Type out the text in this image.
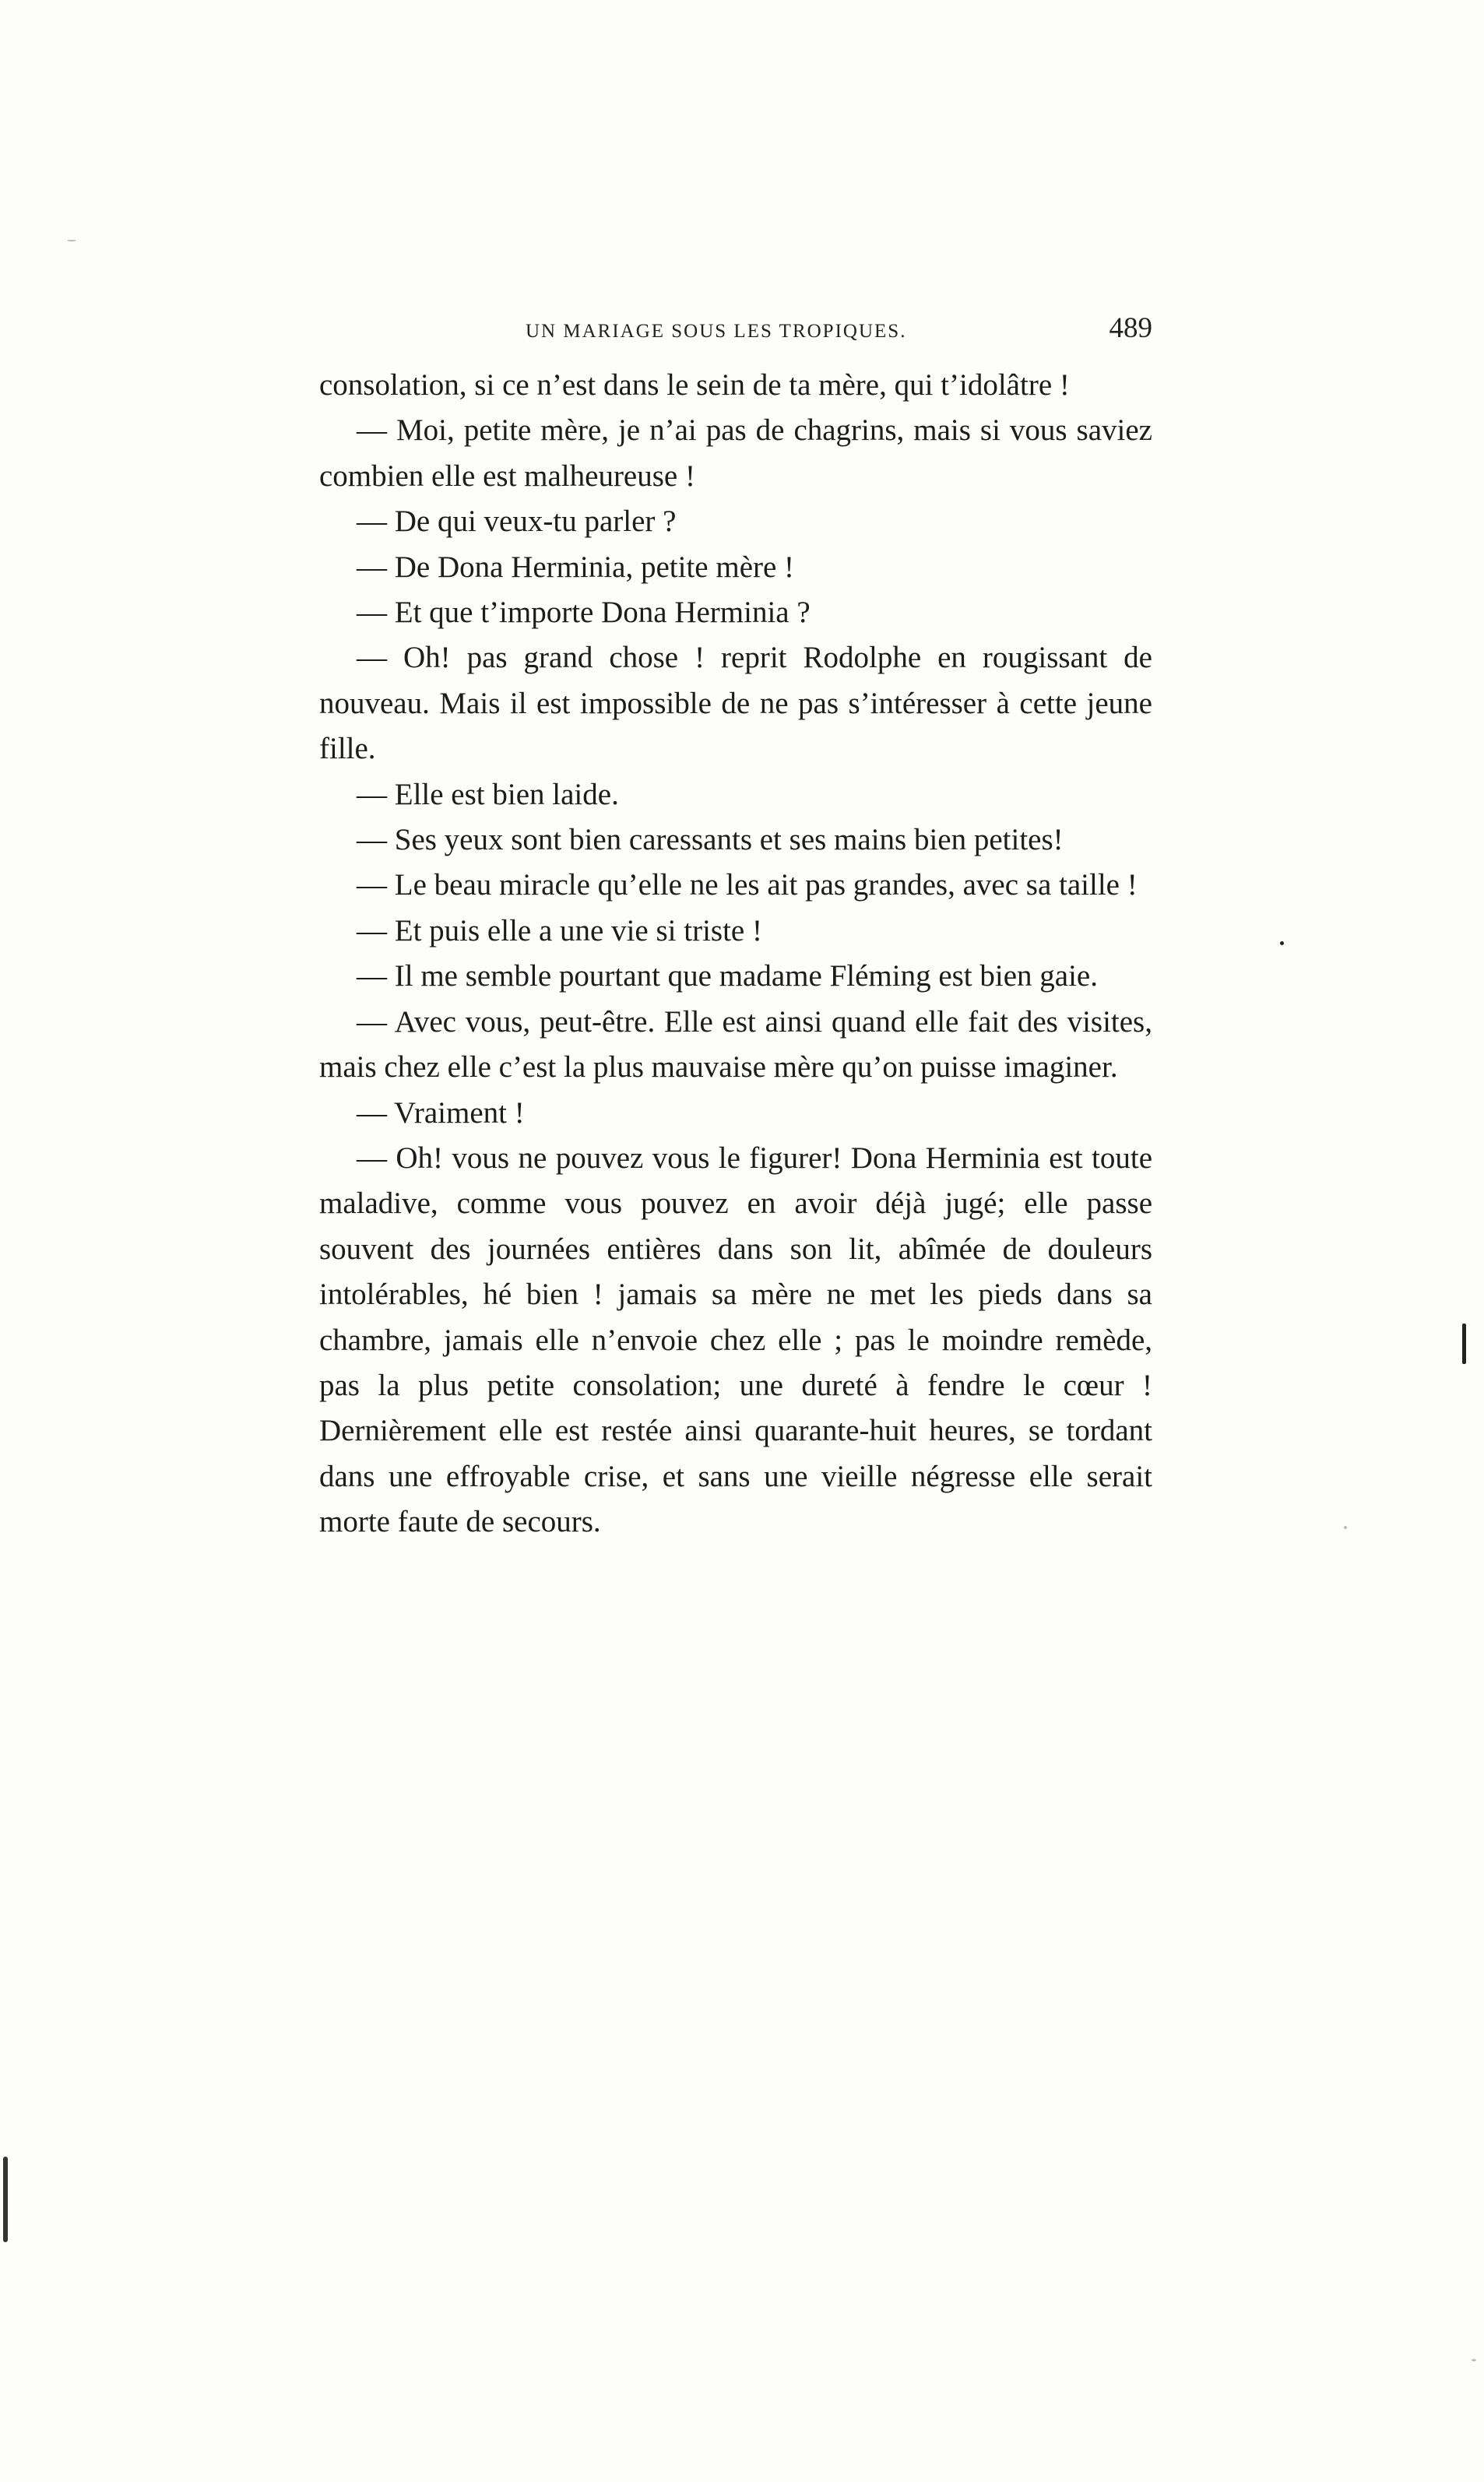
UN MARIAGE SOUS LES TROPIQUES.	489

consolation, si ce n’est dans le sein de ta mère, qui t’idolâtre !

— Moi, petite mère, je n’ai pas de chagrins, mais si vous saviez combien elle est malheureuse !

— De qui veux-tu parler ?

— De Dona Herminia, petite mère !

— Et que t’importe Dona Herminia ?

— Oh! pas grand chose ! reprit Rodolphe en rougissant de nouveau. Mais il est impossible de ne pas s’intéresser à cette jeune fille.

— Elle est bien laide.

— Ses yeux sont bien caressants et ses mains bien petites!

— Le beau miracle qu’elle ne les ait pas grandes, avec sa taille !

— Et puis elle a une vie si triste !

— Il me semble pourtant que madame Fléming est bien gaie.

— Avec vous, peut-être. Elle est ainsi quand elle fait des visites, mais chez elle c’est la plus mauvaise mère qu’on puisse imaginer.

— Vraiment !

— Oh! vous ne pouvez vous le figurer! Dona Herminia est toute maladive, comme vous pouvez en avoir déjà jugé; elle passe souvent des journées entières dans son lit, abîmée de douleurs intolérables, hé bien ! jamais sa mère ne met les pieds dans sa chambre, jamais elle n’envoie chez elle ; pas le moindre remède, pas la plus petite consolation; une dureté à fendre le cœur ! Dernièrement elle est restée ainsi quarante-huit heures, se tordant dans une effroyable crise, et sans une vieille négresse elle serait morte faute de secours.
